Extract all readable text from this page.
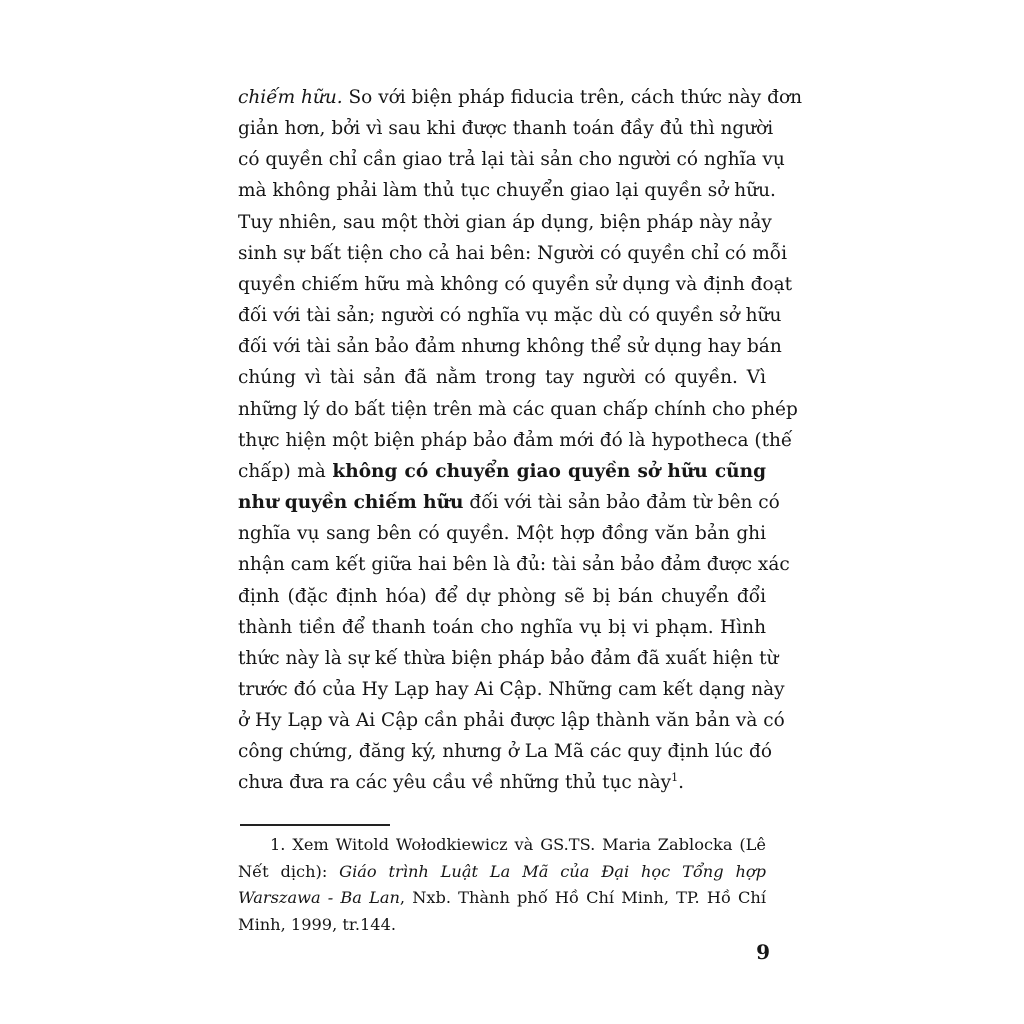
chiếm hữu. So với biện pháp fiducia trên, cách thức này đơn
giản hơn, bởi vì sau khi được thanh toán đầy đủ thì người
có quyền chỉ cần giao trả lại tài sản cho người có nghĩa vụ
mà không phải làm thủ tục chuyển giao lại quyền sở hữu.
Tuy nhiên, sau một thời gian áp dụng, biện pháp này nảy
sinh sự bất tiện cho cả hai bên: Người có quyền chỉ có mỗi
quyền chiếm hữu mà không có quyền sử dụng và định đoạt
đối với tài sản; người có nghĩa vụ mặc dù có quyền sở hữu
đối với tài sản bảo đảm nhưng không thể sử dụng hay bán
chúng vì tài sản đã nằm trong tay người có quyền. Vì
những lý do bất tiện trên mà các quan chấp chính cho phép
thực hiện một biện pháp bảo đảm mới đó là hypotheca (thế
chấp) mà không có chuyển giao quyền sở hữu cũng
như quyền chiếm hữu đối với tài sản bảo đảm từ bên có
nghĩa vụ sang bên có quyền. Một hợp đồng văn bản ghi
nhận cam kết giữa hai bên là đủ: tài sản bảo đảm được xác
định (đặc định hóa) để dự phòng sẽ bị bán chuyển đổi
thành tiền để thanh toán cho nghĩa vụ bị vi phạm. Hình
thức này là sự kế thừa biện pháp bảo đảm đã xuất hiện từ
trước đó của Hy Lạp hay Ai Cập. Những cam kết dạng này
ở Hy Lạp và Ai Cập cần phải được lập thành văn bản và có
công chứng, đăng ký, nhưng ở La Mã các quy định lúc đó
chưa đưa ra các yêu cầu về những thủ tục này$^1$.
1. Xem Witold Wołodkiewicz và GS.TS. Maria Zablocka (Lê
Nết dịch): Giáo trình Luật La Mã của Đại học Tổng hợp
Warszawa - Ba Lan, Nxb. Thành phố Hồ Chí Minh, TP. Hồ Chí
Minh, 1999, tr.144.
9
